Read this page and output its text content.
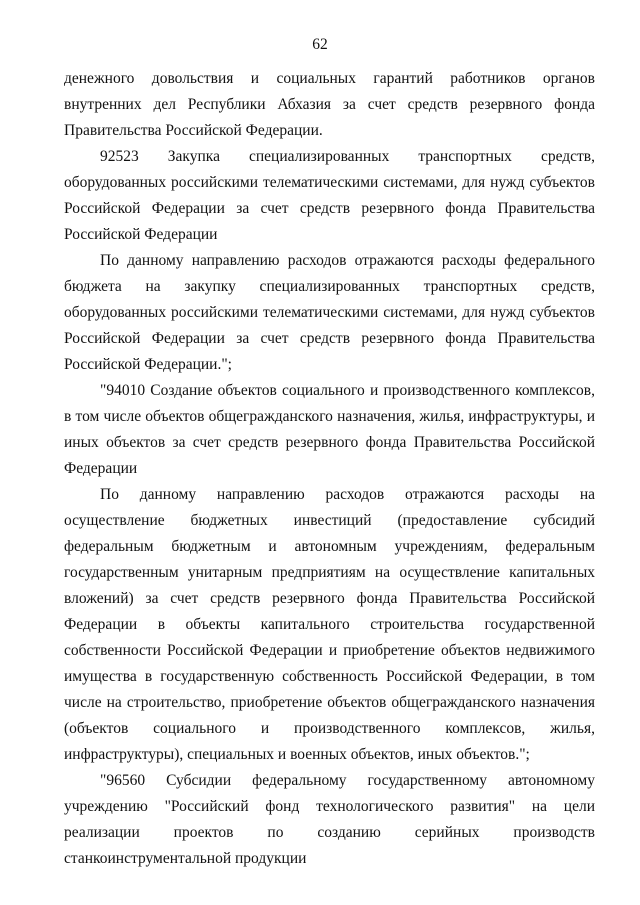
62

денежного довольствия и социальных гарантий работников органов внутренних дел Республики Абхазия за счет средств резервного фонда Правительства Российской Федерации.

92523 Закупка специализированных транспортных средств, оборудованных российскими телематическими системами, для нужд субъектов Российской Федерации за счет средств резервного фонда Правительства Российской Федерации

По данному направлению расходов отражаются расходы федерального бюджета на закупку специализированных транспортных средств, оборудованных российскими телематическими системами, для нужд субъектов Российской Федерации за счет средств резервного фонда Правительства Российской Федерации.";

"94010 Создание объектов социального и производственного комплексов, в том числе объектов общегражданского назначения, жилья, инфраструктуры, и иных объектов за счет средств резервного фонда Правительства Российской Федерации

По данному направлению расходов отражаются расходы на осуществление бюджетных инвестиций (предоставление субсидий федеральным бюджетным и автономным учреждениям, федеральным государственным унитарным предприятиям на осуществление капитальных вложений) за счет средств резервного фонда Правительства Российской Федерации в объекты капитального строительства государственной собственности Российской Федерации и приобретение объектов недвижимого имущества в государственную собственность Российской Федерации, в том числе на строительство, приобретение объектов общегражданского назначения (объектов социального и производственного комплексов, жилья, инфраструктуры), специальных и военных объектов, иных объектов.";

"96560 Субсидии федеральному государственному автономному учреждению "Российский фонд технологического развития" на цели реализации проектов по созданию серийных производств станкоинструментальной продукции
